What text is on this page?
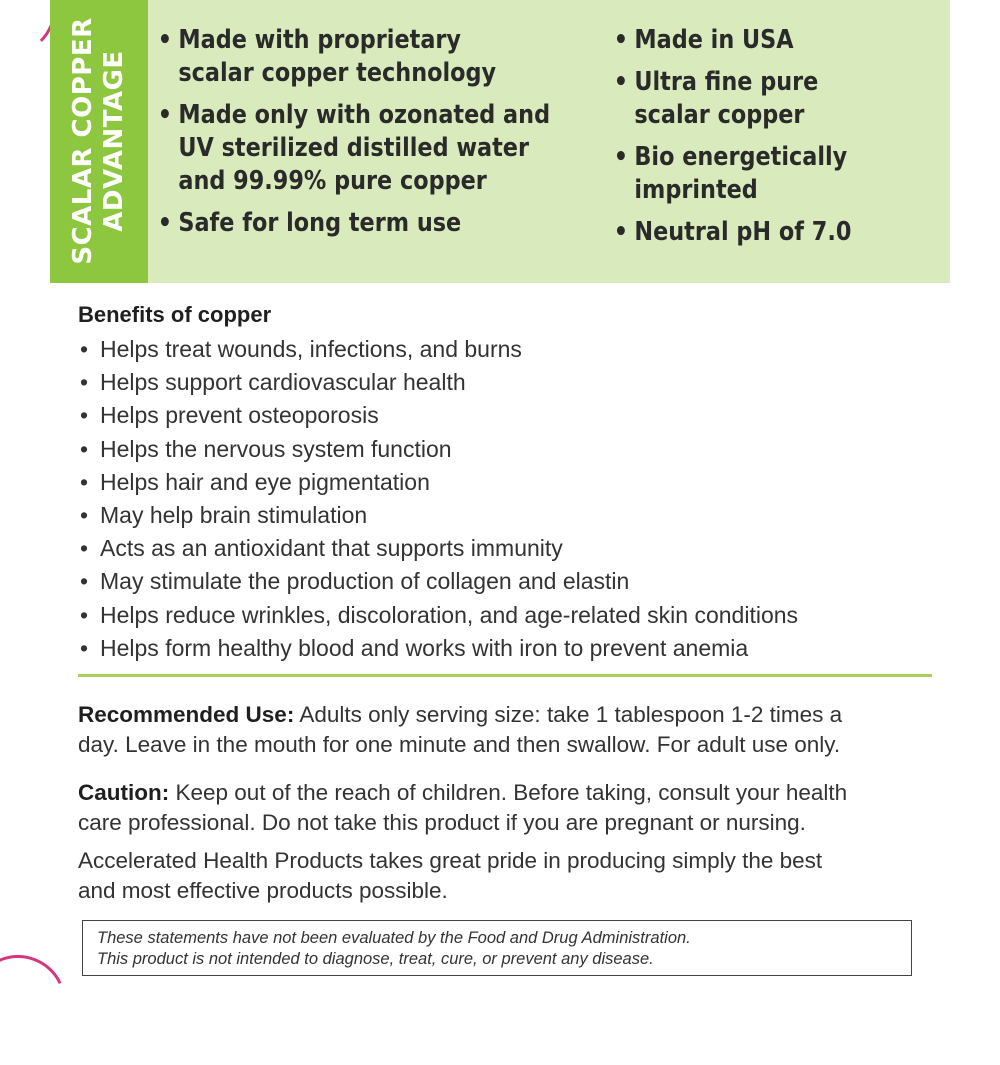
SCALAR COPPER ADVANTAGE
• Made with proprietary
scalar copper technology
• Made only with ozonated and
UV sterilized distilled water
and 99.99% pure copper
• Safe for long term use
• Made in USA
• Ultra fine pure
scalar copper
• Bio energetically
imprinted
• Neutral pH of 7.0
Benefits of copper
• Helps treat wounds, infections, and burns
• Helps support cardiovascular health
• Helps prevent osteoporosis
• Helps the nervous system function
• Helps hair and eye pigmentation
• May help brain stimulation
• Acts as an antioxidant that supports immunity
• May stimulate the production of collagen and elastin
• Helps reduce wrinkles, discoloration, and age-related skin conditions
• Helps form healthy blood and works with iron to prevent anemia

Recommended Use: Adults only serving size: take 1 tablespoon 1-2 times a
day. Leave in the mouth for one minute and then swallow. For adult use only.

Caution: Keep out of the reach of children. Before taking, consult your health
care professional. Do not take this product if you are pregnant or nursing.

Accelerated Health Products takes great pride in producing simply the best
and most effective products possible.

These statements have not been evaluated by the Food and Drug Administration.
This product is not intended to diagnose, treat, cure, or prevent any disease.
